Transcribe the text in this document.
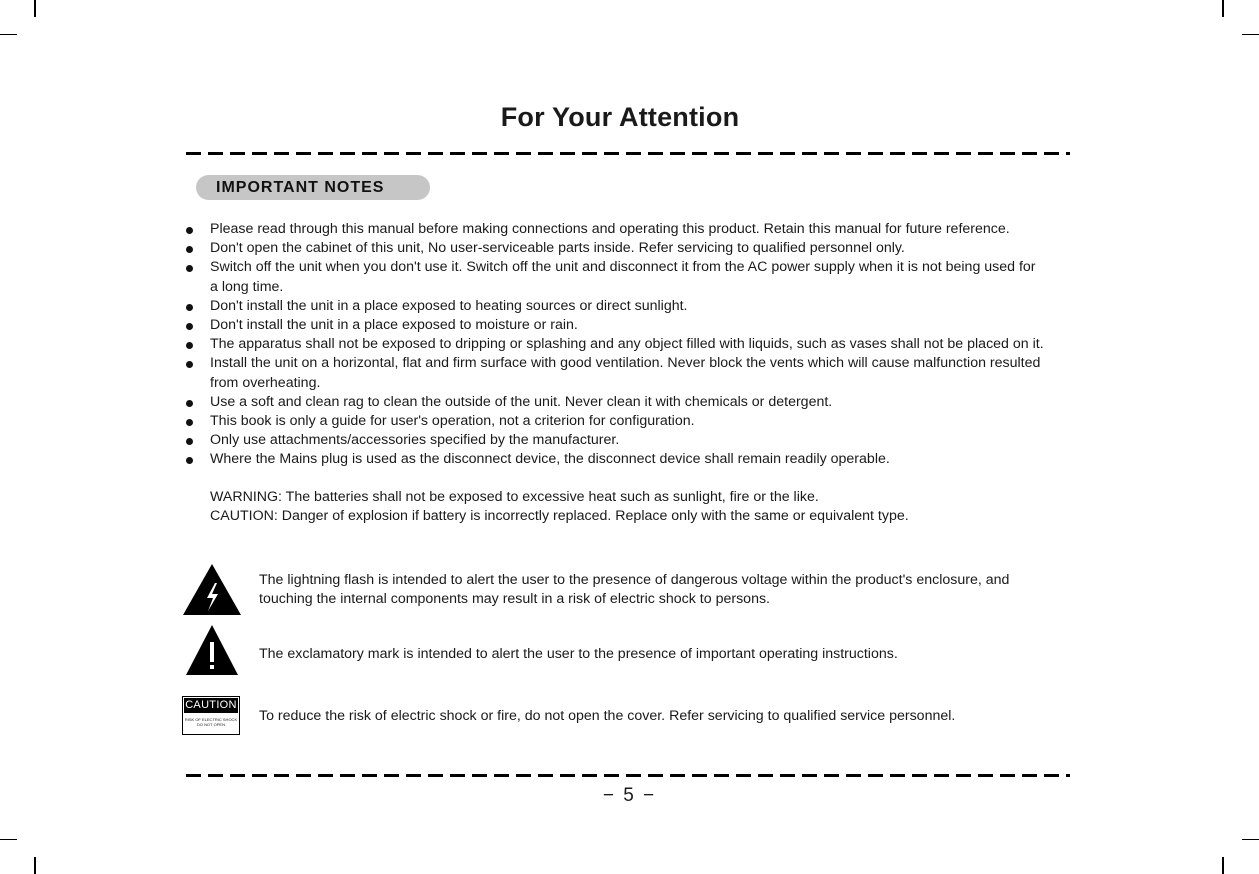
For Your Attention
IMPORTANT NOTES
Please read through this manual before making connections and operating this product. Retain this manual for future reference.
Don't open the cabinet of this unit, No user-serviceable parts inside. Refer servicing to qualified personnel only.
Switch off the unit when you don't use it. Switch off the unit and disconnect it from the AC power supply when it is not being used for
a long time.
Don't install the unit in a place exposed to heating sources or direct sunlight.
Don't install the unit in a place exposed to moisture or rain.
The apparatus shall not be exposed to dripping or splashing and any object filled with liquids, such as vases shall not be placed on it.
Install the unit on a horizontal, flat and firm surface with good ventilation. Never block the vents which will cause malfunction resulted
from overheating.
Use a soft and clean rag to clean the outside of the unit. Never clean it with chemicals or detergent.
This book is only a guide for user's operation, not a criterion for configuration.
Only use attachments/accessories specified by the manufacturer.
Where the Mains plug is used as the disconnect device, the disconnect device shall remain readily operable.
WARNING: The batteries shall not be exposed to excessive heat such as sunlight, fire or the like.
CAUTION: Danger of explosion if battery is incorrectly replaced. Replace only with the same or equivalent type.
The lightning flash is intended to alert the user to the presence of dangerous voltage within the product's enclosure, and
touching the internal components may result in a risk of electric shock to persons.
The exclamatory mark is intended to alert the user to the presence of important operating instructions.
CAUTION
RISK OF ELECTRIC SHOCK
DO NOT OPEN
To reduce the risk of electric shock or fire, do not open the cover. Refer servicing to qualified service personnel.
− 5 −
